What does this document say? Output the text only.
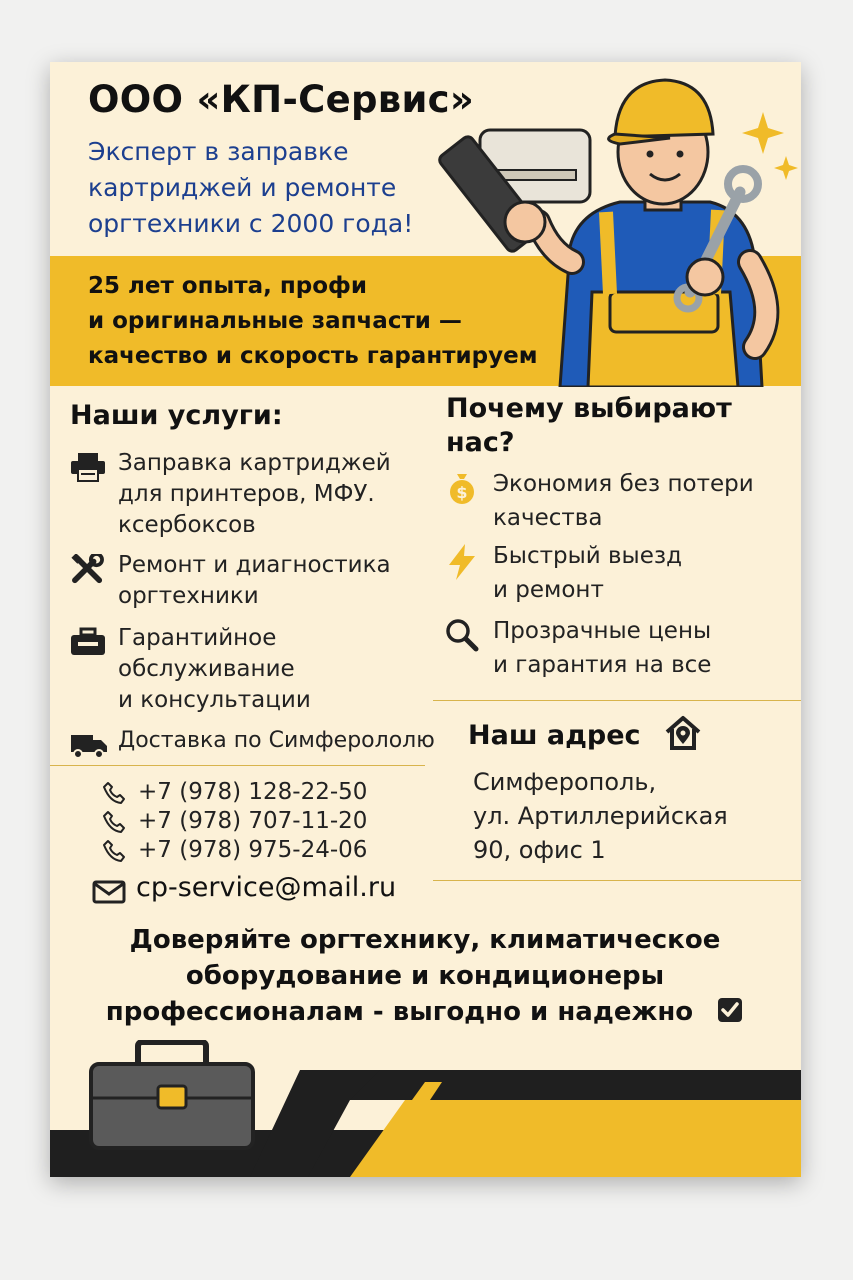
ООО «КП-Сервис»
Эксперт в заправке
картриджей и ремонте
оргтехники с 2000 года!
25 лет опыта, профи
и оригинальные запчасти —
качество и скорость гарантируем
Наши услуги:
Заправка картриджей
для принтеров, МФУ.
ксербоксов
Ремонт и диагностика
оргтехники
Гарантийное
обслуживание
и консультации
Доставка по Симферололю
Почему выбирают
нас?
$ Экономия без потери
качества
Быстрый выезд
и ремонт
Прозрачные цены
и гарантия на все
Наш адрес
Симферополь,
ул. Артиллерийская
90, офис 1
+7 (978) 128-22-50
+7 (978) 707-11-20
+7 (978) 975-24-06
cp-service@mail.ru
Доверяйте оргтехнику, климатическое
оборудование и кондиционеры
профессионалам - выгодно и надежно
